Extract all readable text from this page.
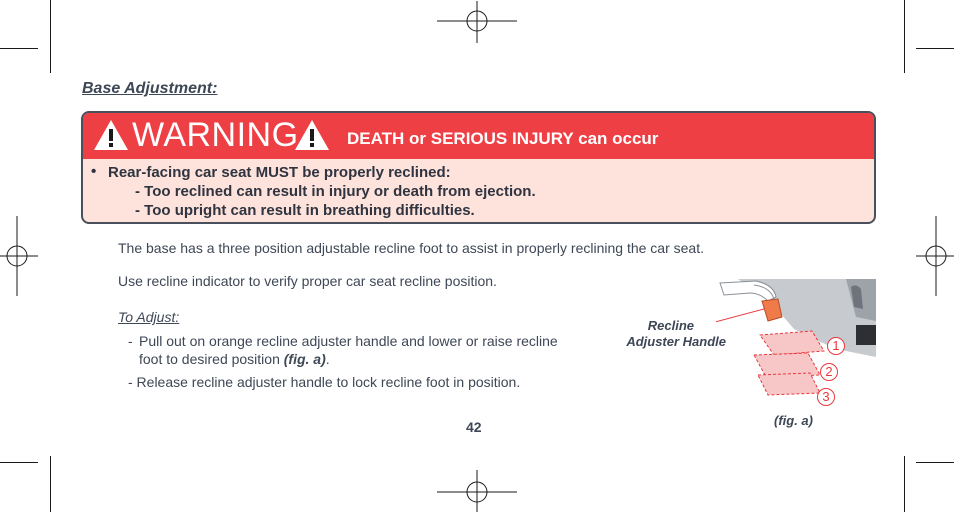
Base Adjustment:
WARNING	DEATH or SERIOUS INJURY can occur
• Rear-facing car seat MUST be properly reclined:
- Too reclined can result in injury or death from ejection.
- Too upright can result in breathing difficulties.
The base has a three position adjustable recline foot to assist in properly reclining the car seat.
Use recline indicator to verify proper car seat recline position.
To Adjust:
- Pull out on orange recline adjuster handle and lower or raise recline
foot to desired position (fig. a).
- Release recline adjuster handle to lock recline foot in position.
42
1
2
3
Recline
Adjuster Handle
(fig. a)
